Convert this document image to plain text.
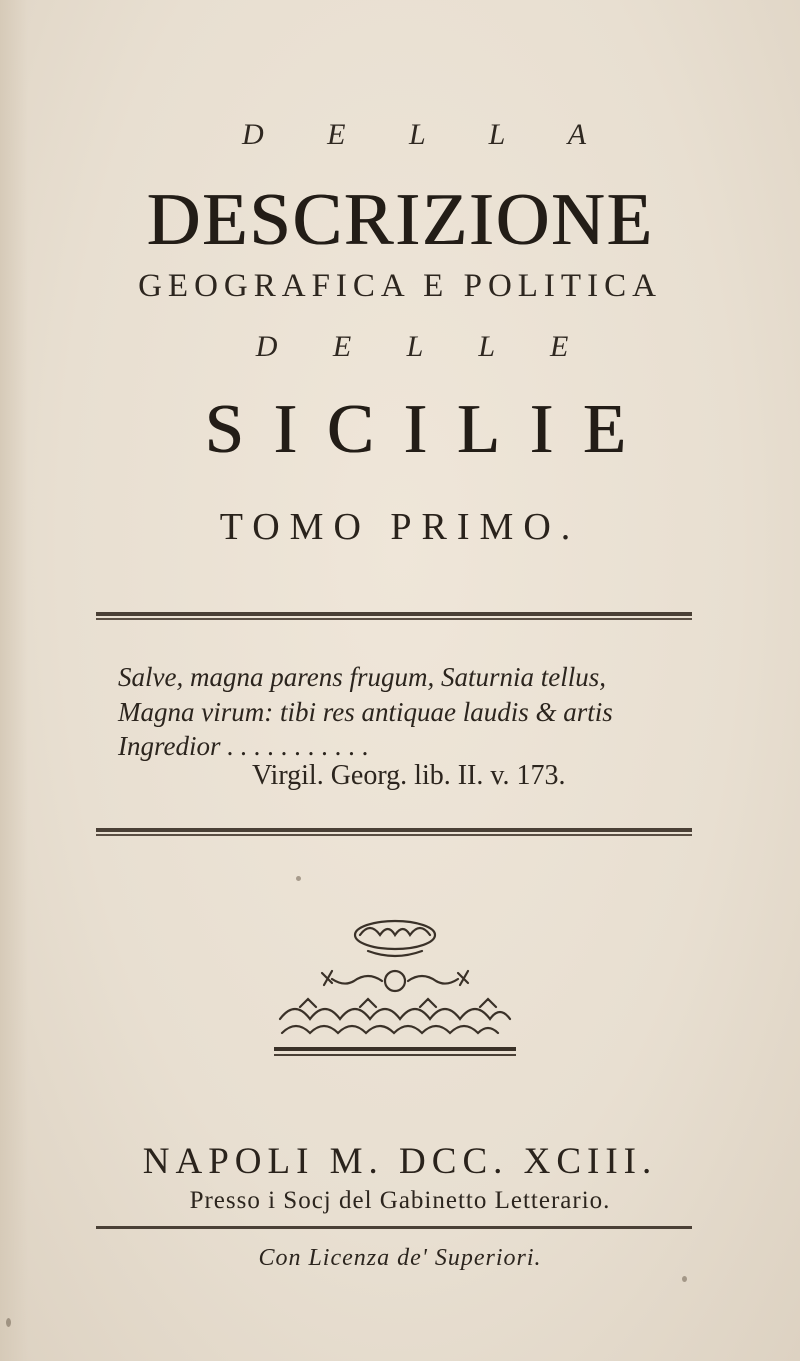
D E L L A
DESCRIZIONE
GEOGRAFICA E POLITICA
D E L L E
SICILIE
TOMO PRIMO.
Salve, magna parens frugum, Saturnia tellus,
Magna virum: tibi res antiquae laudis & artis
Ingredior . . . . . . . . . . .
Virgil. Georg. lib. II. v. 173.
NAPOLI M. DCC. XCIII.
Presso i Socj del Gabinetto Letterario.
Con Licenza de' Superiori.
